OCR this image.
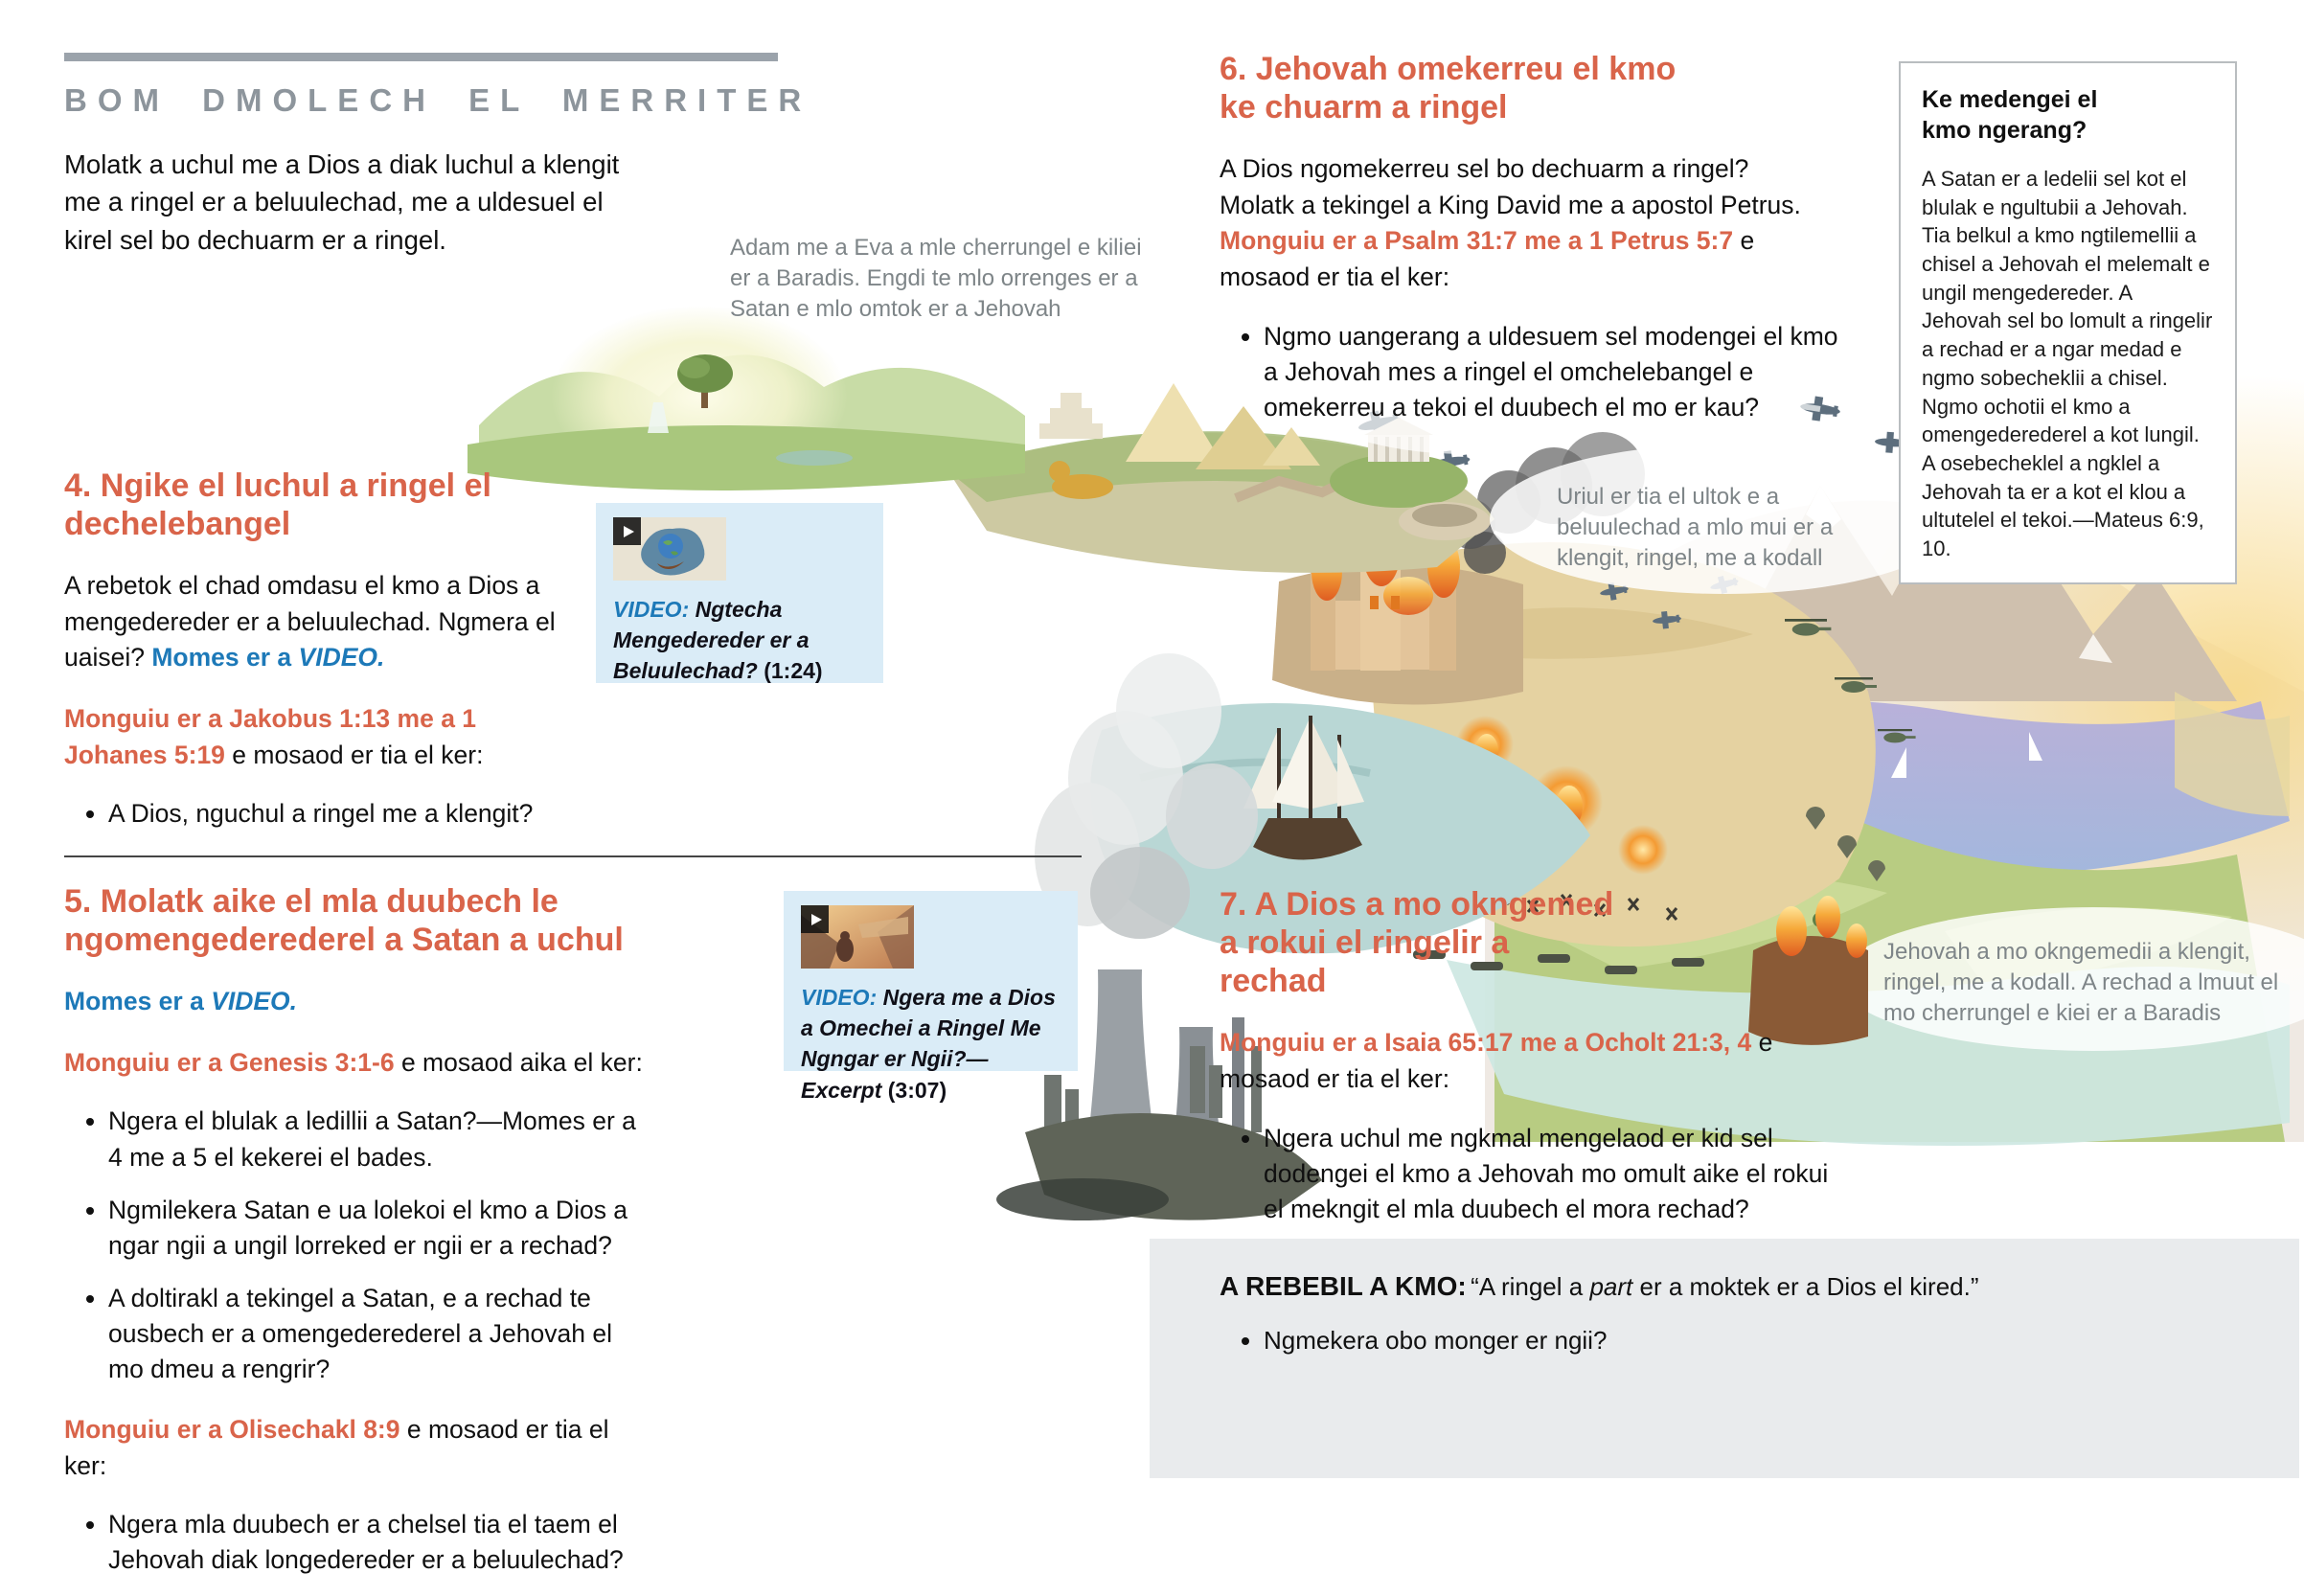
BOM DMOLECH EL MERRITER
Molatk a uchul me a Dios a diak luchul a klengit me a ringel er a beluulechad, me a uldesuel el kirel sel bo dechuarm er a ringel.	Adam me a Eva a mle cherrungel e kiliei er a Baradis. Engdi te mlo orrenges er a Satan e mlo omtok er a Jehovah
4. Ngike el luchul a ringel el dechelebangel

A rebetok el chad omdasu el kmo a Dios a mengedereder er a beluulechad. Ngmera el uaisei? Momes er a VIDEO.

Monguiu er a Jakobus 1:13 me a 1 Johanes 5:19 e mosaod er tia el ker:

• A Dios, nguchul a ringel me a klengit?
VIDEO: Ngtecha Mengedereder er a Beluulechad? (1:24)
5. Molatk aike el mla duubech le ngomengederederel a Satan a uchul

Momes er a VIDEO.

Monguiu er a Genesis 3:1-6 e mosaod aika el ker:

• Ngera el blulak a ledillii a Satan?—Momes er a 4 me a 5 el kekerei el bades.
• Ngmilekera Satan e ua lolekoi el kmo a Dios a ngar ngii a ungil lorreked er ngii er a rechad?
• A doltirakl a tekingel a Satan, e a rechad te ousbech er a omengederederel a Jehovah el mo dmeu a rengrir?

Monguiu er a Olisechakl 8:9 e mosaod er tia el ker:

• Ngera mla duubech er a chelsel tia el taem el Jehovah diak longedereder er a beluulechad?
VIDEO: Ngera me a Dios a Omechei a Ringel Me Ngngar er Ngii?—Excerpt (3:07)
6. Jehovah omekerreu el kmo ke chuarm a ringel

A Dios ngomekerreu sel bo dechuarm a ringel? Molatk a tekingel a King David me a apostol Petrus. Monguiu er a Psalm 31:7 me a 1 Petrus 5:7 e mosaod er tia el ker:

• Ngmo uangerang a uldesuem sel modengei el kmo a Jehovah mes a ringel el omchelebangel e omekerreu a tekoi el duubech el mo er kau?
Ke medengei el kmo ngerang?
A Satan er a ledelii sel kot el blulak e ngultubii a Jehovah. Tia belkul a kmo ngtilemellii a chisel a Jehovah el melemalt e ungil mengedereder. A Jehovah sel bo lomult a ringelir a rechad er a ngar medad e ngmo sobecheklii a chisel. Ngmo ochotii el kmo a omengederederel a kot lungil. A osebecheklel a ngklel a Jehovah ta er a kot el klou a ultutelel el tekoi.—Mateus 6:9, 10.
Uriul er tia el ultok e a beluulechad a mlo mui er a klengit, ringel, me a kodall
7. A Dios a mo okngemed a rokui el ringelir a rechad

Monguiu er a Isaia 65:17 me a Ocholt 21:3, 4 e mosaod er tia el ker:

• Ngera uchul me ngkmal mengelaod er kid sel dodengei el kmo a Jehovah mo omult aike el rokui el mekngit el mla duubech el mora rechad?
Jehovah a mo okngemedii a klengit, ringel, me a kodall. A rechad a lmuut el mo cherrungel e kiei er a Baradis
A REBEBIL A KMO: “A ringel a part er a moktek er a Dios el kired.”
• Ngmekera obo monger er ngii?
